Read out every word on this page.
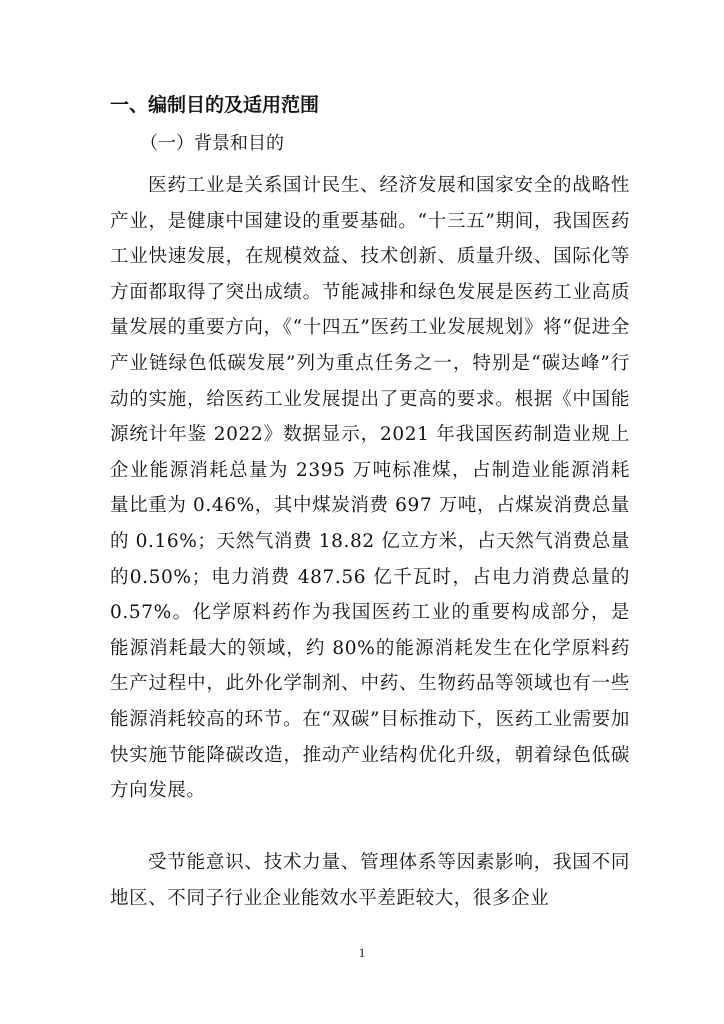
一、编制目的及适用范围
（一）背景和目的

医药工业是关系国计民生、经济发展和国家安全的战略性产业，是健康中国建设的重要基础。“十三五”期间，我国医药工业快速发展，在规模效益、技术创新、质量升级、国际化等方面都取得了突出成绩。节能减排和绿色发展是医药工业高质量发展的重要方向，《“十四五”医药工业发展规划》将“促进全产业链绿色低碳发展”列为重点任务之一，特别是“碳达峰”行动的实施，给医药工业发展提出了更高的要求。根据《中国能源统计年鉴 2022》数据显示，2021 年我国医药制造业规上企业能源消耗总量为 2395 万吨标准煤，占制造业能源消耗量比重为 0.46%，其中煤炭消费 697 万吨，占煤炭消费总量的 0.16%；天然气消费 18.82 亿立方米，占天然气消费总量的0.50%；电力消费 487.56 亿千瓦时，占电力消费总量的 0.57%。化学原料药作为我国医药工业的重要构成部分，是能源消耗最大的领域，约 80%的能源消耗发生在化学原料药生产过程中，此外化学制剂、中药、生物药品等领域也有一些能源消耗较高的环节。在“双碳”目标推动下，医药工业需要加快实施节能降碳改造，推动产业结构优化升级，朝着绿色低碳方向发展。

受节能意识、技术力量、管理体系等因素影响，我国不同地区、不同子行业企业能效水平差距较大，很多企业

1
